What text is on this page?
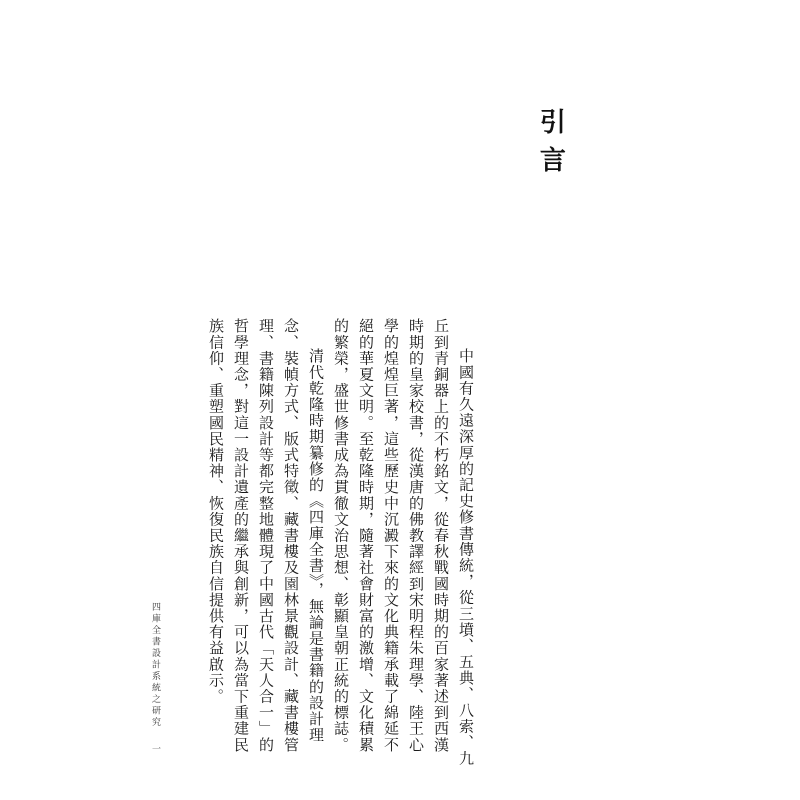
引言

中國有久遠深厚的記史修書傳統，從三墳、五典、八索、九丘到青銅器上的不朽銘文，從春秋戰國時期的百家著述到西漢時期的皇家校書，從漢唐的佛教譯經到宋明程朱理學、陸王心學的煌煌巨著，這些歷史中沉澱下來的文化典籍承載了綿延不絕的華夏文明。至乾隆時期，隨著社會財富的激增、文化積累的繁榮，盛世修書成為貫徹文治思想、彰顯皇朝正統的標誌。

清代乾隆時期纂修的《四庫全書》，無論是書籍的設計理念、裝幀方式、版式特徵、藏書樓及園林景觀設計、藏書樓管理、書籍陳列設計等都完整地體現了中國古代「天人合一」的哲學理念，對這一設計遺產的繼承與創新，可以為當下重建民族信仰、重塑國民精神、恢復民族自信提供有益啟示。

四庫全書設計系統之研究
一
